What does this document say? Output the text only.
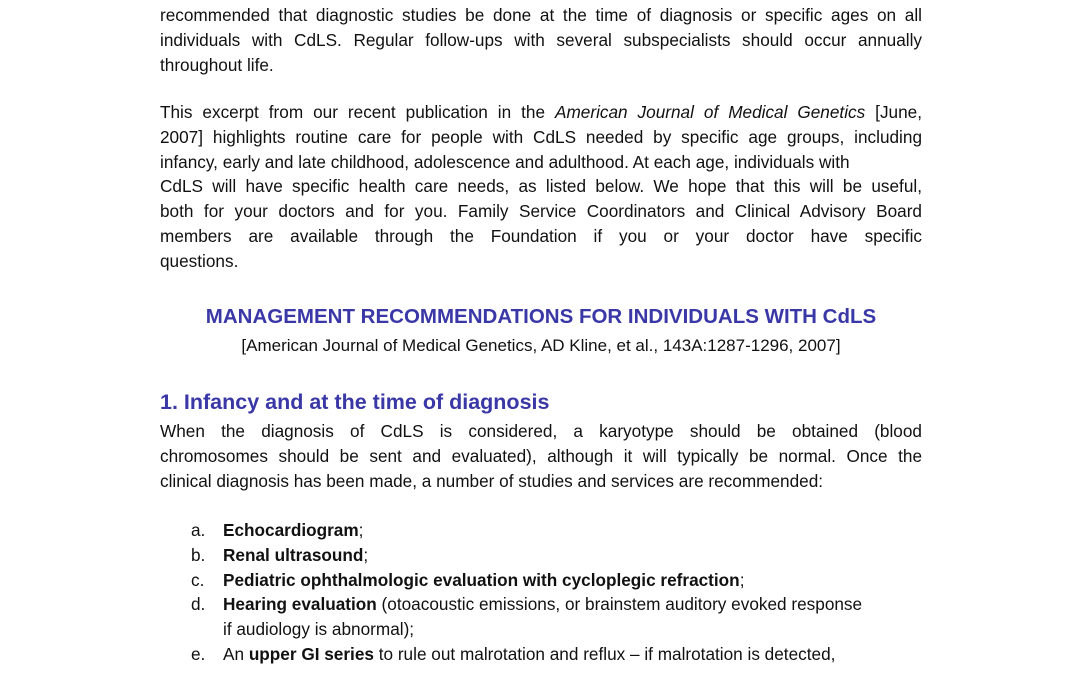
recommended that diagnostic studies be done at the time of diagnosis or specific ages on all
individuals with CdLS. Regular follow-ups with several subspecialists should occur annually
throughout life.

This excerpt from our recent publication in the American Journal of Medical Genetics [June,
2007] highlights routine care for people with CdLS needed by specific age groups, including
infancy, early and late childhood, adolescence and adulthood. At each age, individuals with
CdLS will have specific health care needs, as listed below. We hope that this will be useful,
both for your doctors and for you. Family Service Coordinators and Clinical Advisory Board
members are available through the Foundation if you or your doctor have specific
questions.

MANAGEMENT RECOMMENDATIONS FOR INDIVIDUALS WITH CdLS
[American Journal of Medical Genetics, AD Kline, et al., 143A:1287-1296, 2007]
1. Infancy and at the time of diagnosis

When the diagnosis of CdLS is considered, a karyotype should be obtained (blood
chromosomes should be sent and evaluated), although it will typically be normal. Once the
clinical diagnosis has been made, a number of studies and services are recommended:

a. Echocardiogram;
b. Renal ultrasound;
c. Pediatric ophthalmologic evaluation with cycloplegic refraction;
d. Hearing evaluation (otoacoustic emissions, or brainstem auditory evoked response
if audiology is abnormal);
e. An upper GI series to rule out malrotation and reflux – if malrotation is detected,
